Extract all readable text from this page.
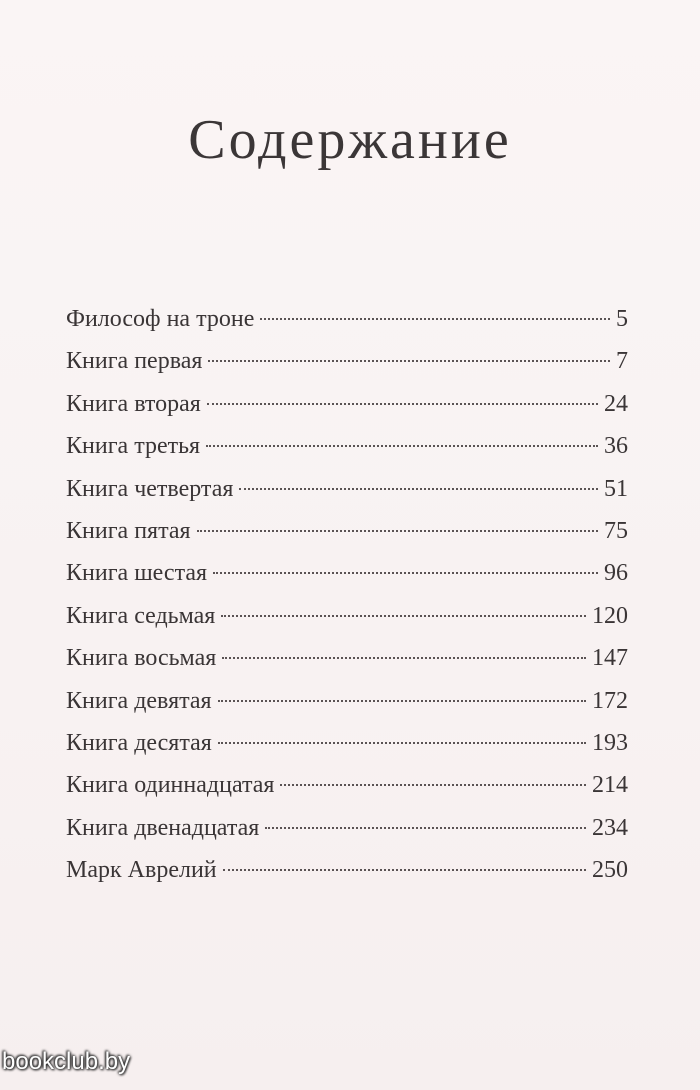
Содержание
Философ на троне	5
Книга первая	7
Книга вторая	24
Книга третья	36
Книга четвертая	51
Книга пятая	75
Книга шестая	96
Книга седьмая	120
Книга восьмая	147
Книга девятая	172
Книга десятая	193
Книга одиннадцатая	214
Книга двенадцатая	234
Марк Аврелий	250
bookclub.by
